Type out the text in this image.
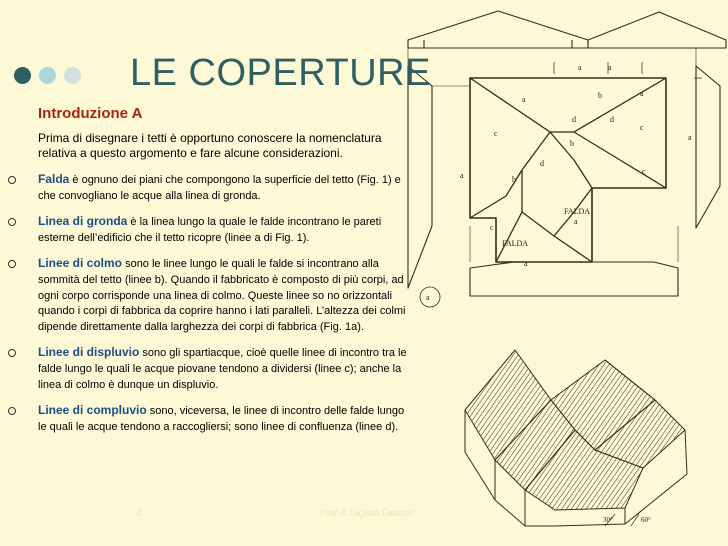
LE COPERTURE

Introduzione A

Prima di disegnare i tetti è opportuno conoscere la nomenclatura relativa a questo argomento e fare alcune considerazioni.

Falda è ognuno dei piani che compongono la superficie del tetto (Fig. 1) e che convogliano le acque alla linea di gronda.
Linea di gronda è la linea lungo la quale le falde incontrano le pareti esterne dell’edificio che il tetto ricopre (linee a di Fig. 1).
Linee di colmo sono le linee lungo le quali le falde si incontrano alla sommità del tetto (linee b). Quando il fabbricato è composto di più corpi, ad ogni corpo corrisponde una linea di colmo. Queste linee so no orizzontali quando i corpi di fabbrica da coprire hanno i lati paralleli. L’altezza dei colmi dipende direttamente dalla larghezza dei corpi di fabbrica (Fig. 1a).
Linee di displuvio sono gli spartiacque, cioè quelle linee di incontro tra le falde lungo le quali le acque piovane tendono a dividersi (linee c); anche la linea di colmo è dunque un displuvio.
Linee di compluvio sono, viceversa, le linee di incontro delle falde lungo le quali le acque tendono a raccogliersi; sono linee di confluenza (linee d).
FALDA
FALDA
a
a	a
a
a
a
a
a
b
b
b
c
c
c
c
d	d
d
a
30°	60°
4	Prof. A.Gigliotti Fabrizio
